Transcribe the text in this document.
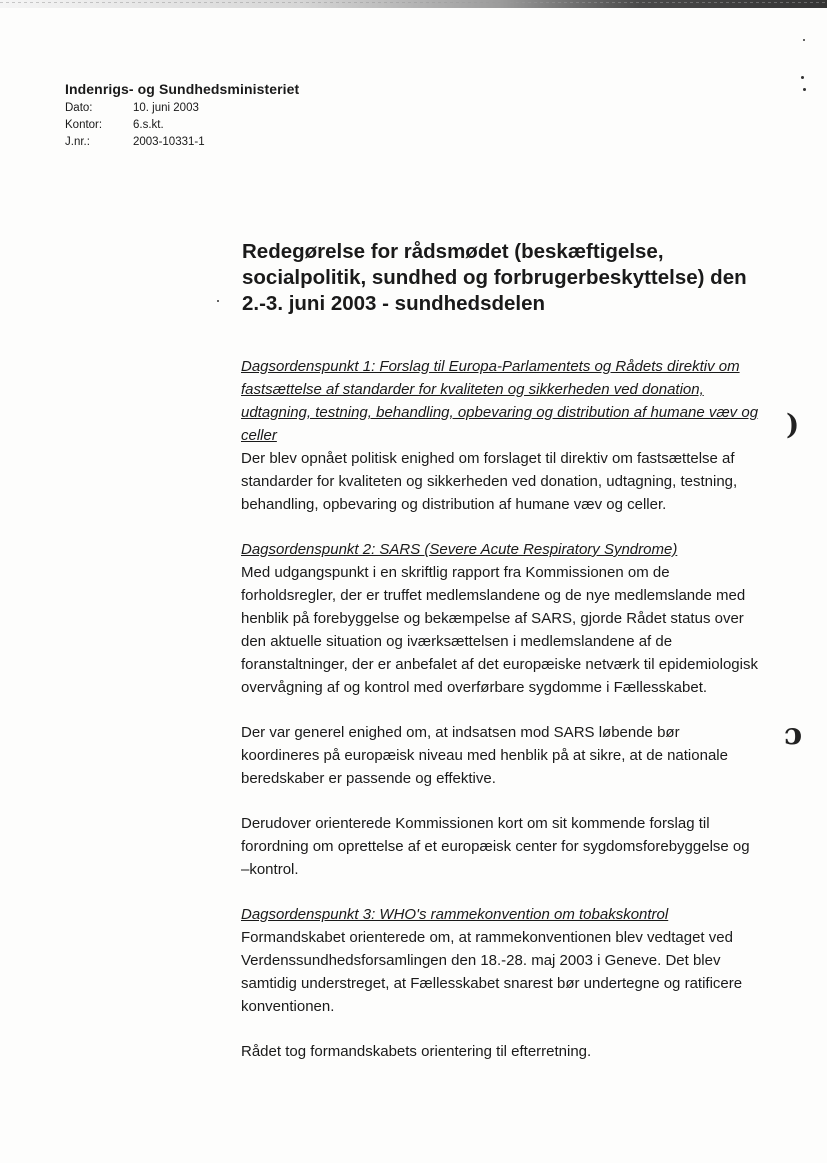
)
ɔ
Indenrigs- og Sundhedsministeriet
Dato:	10. juni 2003
Kontor:	6.s.kt.
J.nr.:	2003-10331-1
Redegørelse for rådsmødet (beskæftigelse, socialpolitik, sundhed og forbrugerbeskyttelse) den 2.-3. juni 2003 - sundhedsdelen
Dagsordenspunkt 1: Forslag til Europa-Parlamentets og Rådets direktiv om fastsættelse af standarder for kvaliteten og sikkerheden ved donation, udtagning, testning, behandling, opbevaring og distribution af humane væv og celler
Der blev opnået politisk enighed om forslaget til direktiv om fastsættelse af standarder for kvaliteten og sikkerheden ved donation, udtagning, testning, behandling, opbevaring og distribution af humane væv og celler.
Dagsordenspunkt 2: SARS (Severe Acute Respiratory Syndrome)
Med udgangspunkt i en skriftlig rapport fra Kommissionen om de forholdsregler, der er truffet medlemslandene og de nye medlemslande med henblik på forebyggelse og bekæmpelse af SARS, gjorde Rådet status over den aktuelle situation og iværksættelsen i medlemslandene af de foranstaltninger, der er anbefalet af det europæiske netværk til epidemiologisk overvågning af og kontrol med overførbare sygdomme i Fællesskabet.
Der var generel enighed om, at indsatsen mod SARS løbende bør koordineres på europæisk niveau med henblik på at sikre, at de nationale beredskaber er passende og effektive.
Derudover orienterede Kommissionen kort om sit kommende forslag til forordning om oprettelse af et europæisk center for sygdomsforebyggelse og –kontrol.
Dagsordenspunkt 3: WHO's rammekonvention om tobakskontrol
Formandskabet orienterede om, at rammekonventionen blev vedtaget ved Verdenssundhedsforsamlingen den 18.-28. maj 2003 i Geneve. Det blev samtidig understreget, at Fællesskabet snarest bør undertegne og ratificere konventionen.
Rådet tog formandskabets orientering til efterretning.
